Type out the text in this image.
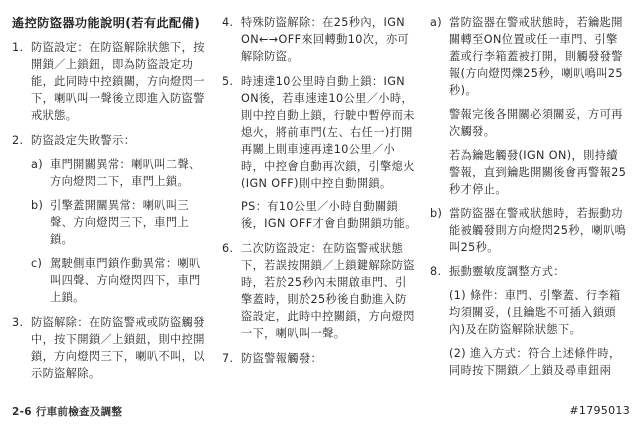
遙控防盜器功能說明(若有此配備)
1. 防盜設定：在防盜解除狀態下，按開鎖／上鎖鈕，即為防盜設定功能，此同時中控鎖關，方向燈閃一下，喇叭叫一聲後立即進入防盜警戒狀態。
2. 防盜設定失敗警示：
a) 車門開關異常：喇叭叫二聲、方向燈閃二下，車門上鎖。
b) 引擎蓋開關異常：喇叭叫三聲、方向燈閃三下，車門上鎖。
c) 駕駛側車門鎖作動異常：喇叭叫四聲、方向燈閃四下，車門上鎖。
3. 防盜解除：在防盜警戒或防盜觸發中，按下開鎖／上鎖鈕，則中控開鎖，方向燈閃三下，喇叭不叫，以示防盜解除。
4. 特殊防盜解除：在25秒內，IGN ON←→OFF來回轉動10次，亦可解除防盜。
5. 時速達10公里時自動上鎖：IGN ON後，若車速達10公里／小時，則中控自動上鎖，行駛中暫停而未熄火，將前車門(左、右任一)打開再關上則車速再達10公里／小時，中控會自動再次鎖，引擎熄火(IGN OFF)則中控自動開鎖。
PS：有10公里／小時自動關鎖後，IGN OFF才會自動開鎖功能。
6. 二次防盜設定：在防盜警戒狀態下，若誤按開鎖／上鎖鍵解除防盜時，若於25秒內未開啟車門、引擎蓋時，則於25秒後自動進入防盜設定，此時中控關鎖，方向燈閃一下，喇叭叫一聲。
7. 防盜警報觸發：
a) 當防盜器在警戒狀態時，若鑰匙開關轉至ON位置或任一車門、引擎蓋或行李箱蓋被打開，則觸發發警報(方向燈閃爍25秒，喇叭鳴叫25秒)。
警報完後各開關必須關妥，方可再次觸發。
若為鑰匙觸發(IGN ON)，則持續警報，直到鑰匙開關後會再警報25秒才停止。
b) 當防盜器在警戒狀態時，若振動功能被觸發則方向燈閃25秒，喇叭鳴叫25秒。
8. 振動靈敏度調整方式：
(1) 條件：車門、引擎蓋、行李箱均須關妥，(且鑰匙不可插入鎖頭內)及在防盜解除狀態下。
(2) 進入方式：符合上述條件時，同時按下開鎖／上鎖及尋車鈕兩
2-6 行車前檢查及調整	#1795013
